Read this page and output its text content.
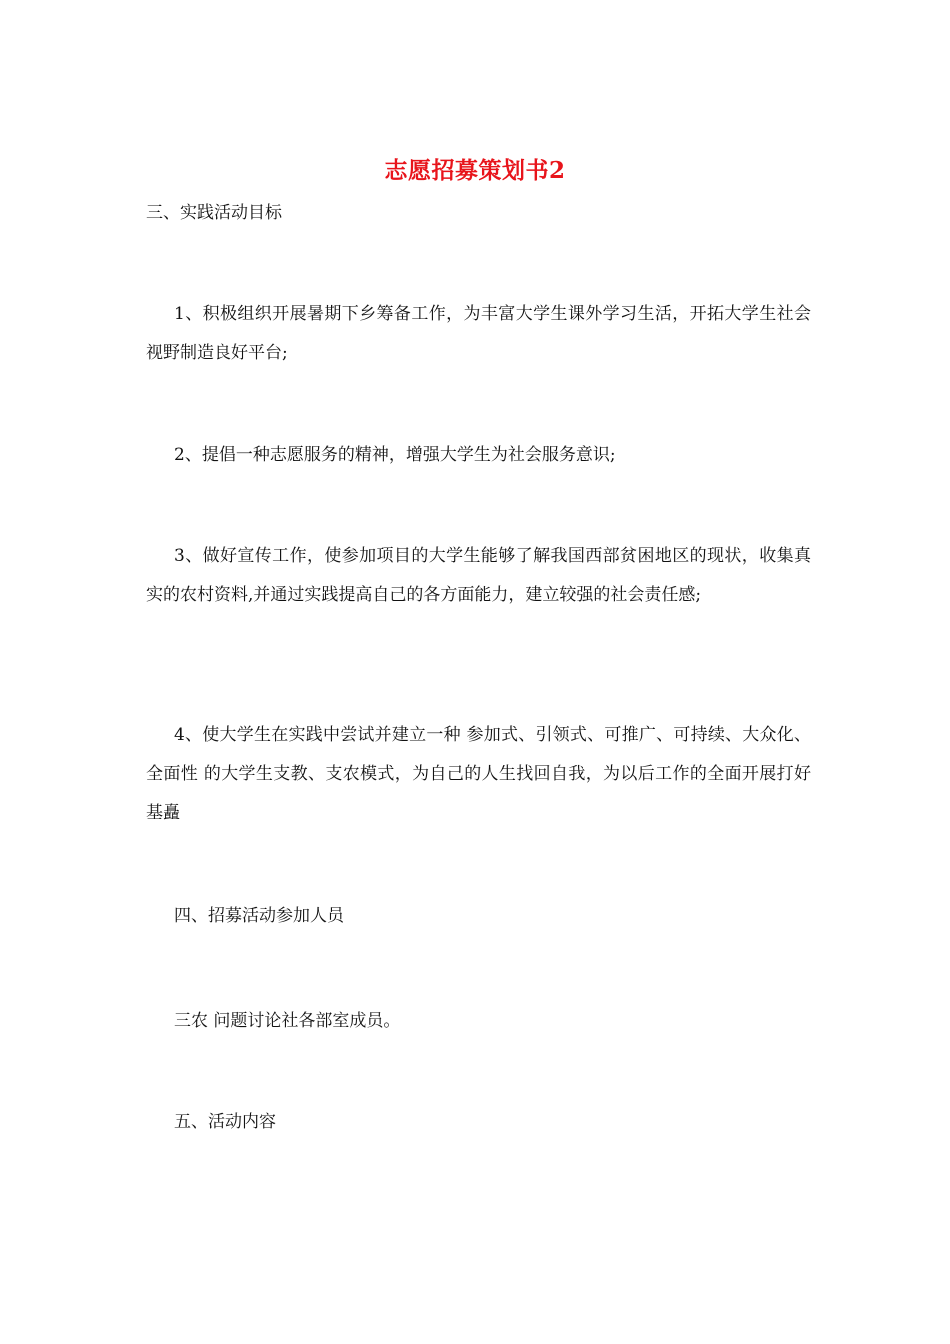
志愿招募策划书2
三、实践活动目标
1、积极组织开展暑期下乡筹备工作，为丰富大学生课外学习生活，开拓大学生社会视野制造良好平台;
2、提倡一种志愿服务的精神，增强大学生为社会服务意识;
3、做好宣传工作，使参加项目的大学生能够了解我国西部贫困地区的现状，收集真实的农村资料,并通过实践提高自己的各方面能力，建立较强的社会责任感;
4、使大学生在实践中尝试并建立一种 参加式、引领式、可推广、可持续、大众化、全面性 的大学生支教、支农模式，为自己的人生找回自我，为以后工作的全面开展打好基矗
四、招募活动参加人员
三农 问题讨论社各部室成员。
五、活动内容
